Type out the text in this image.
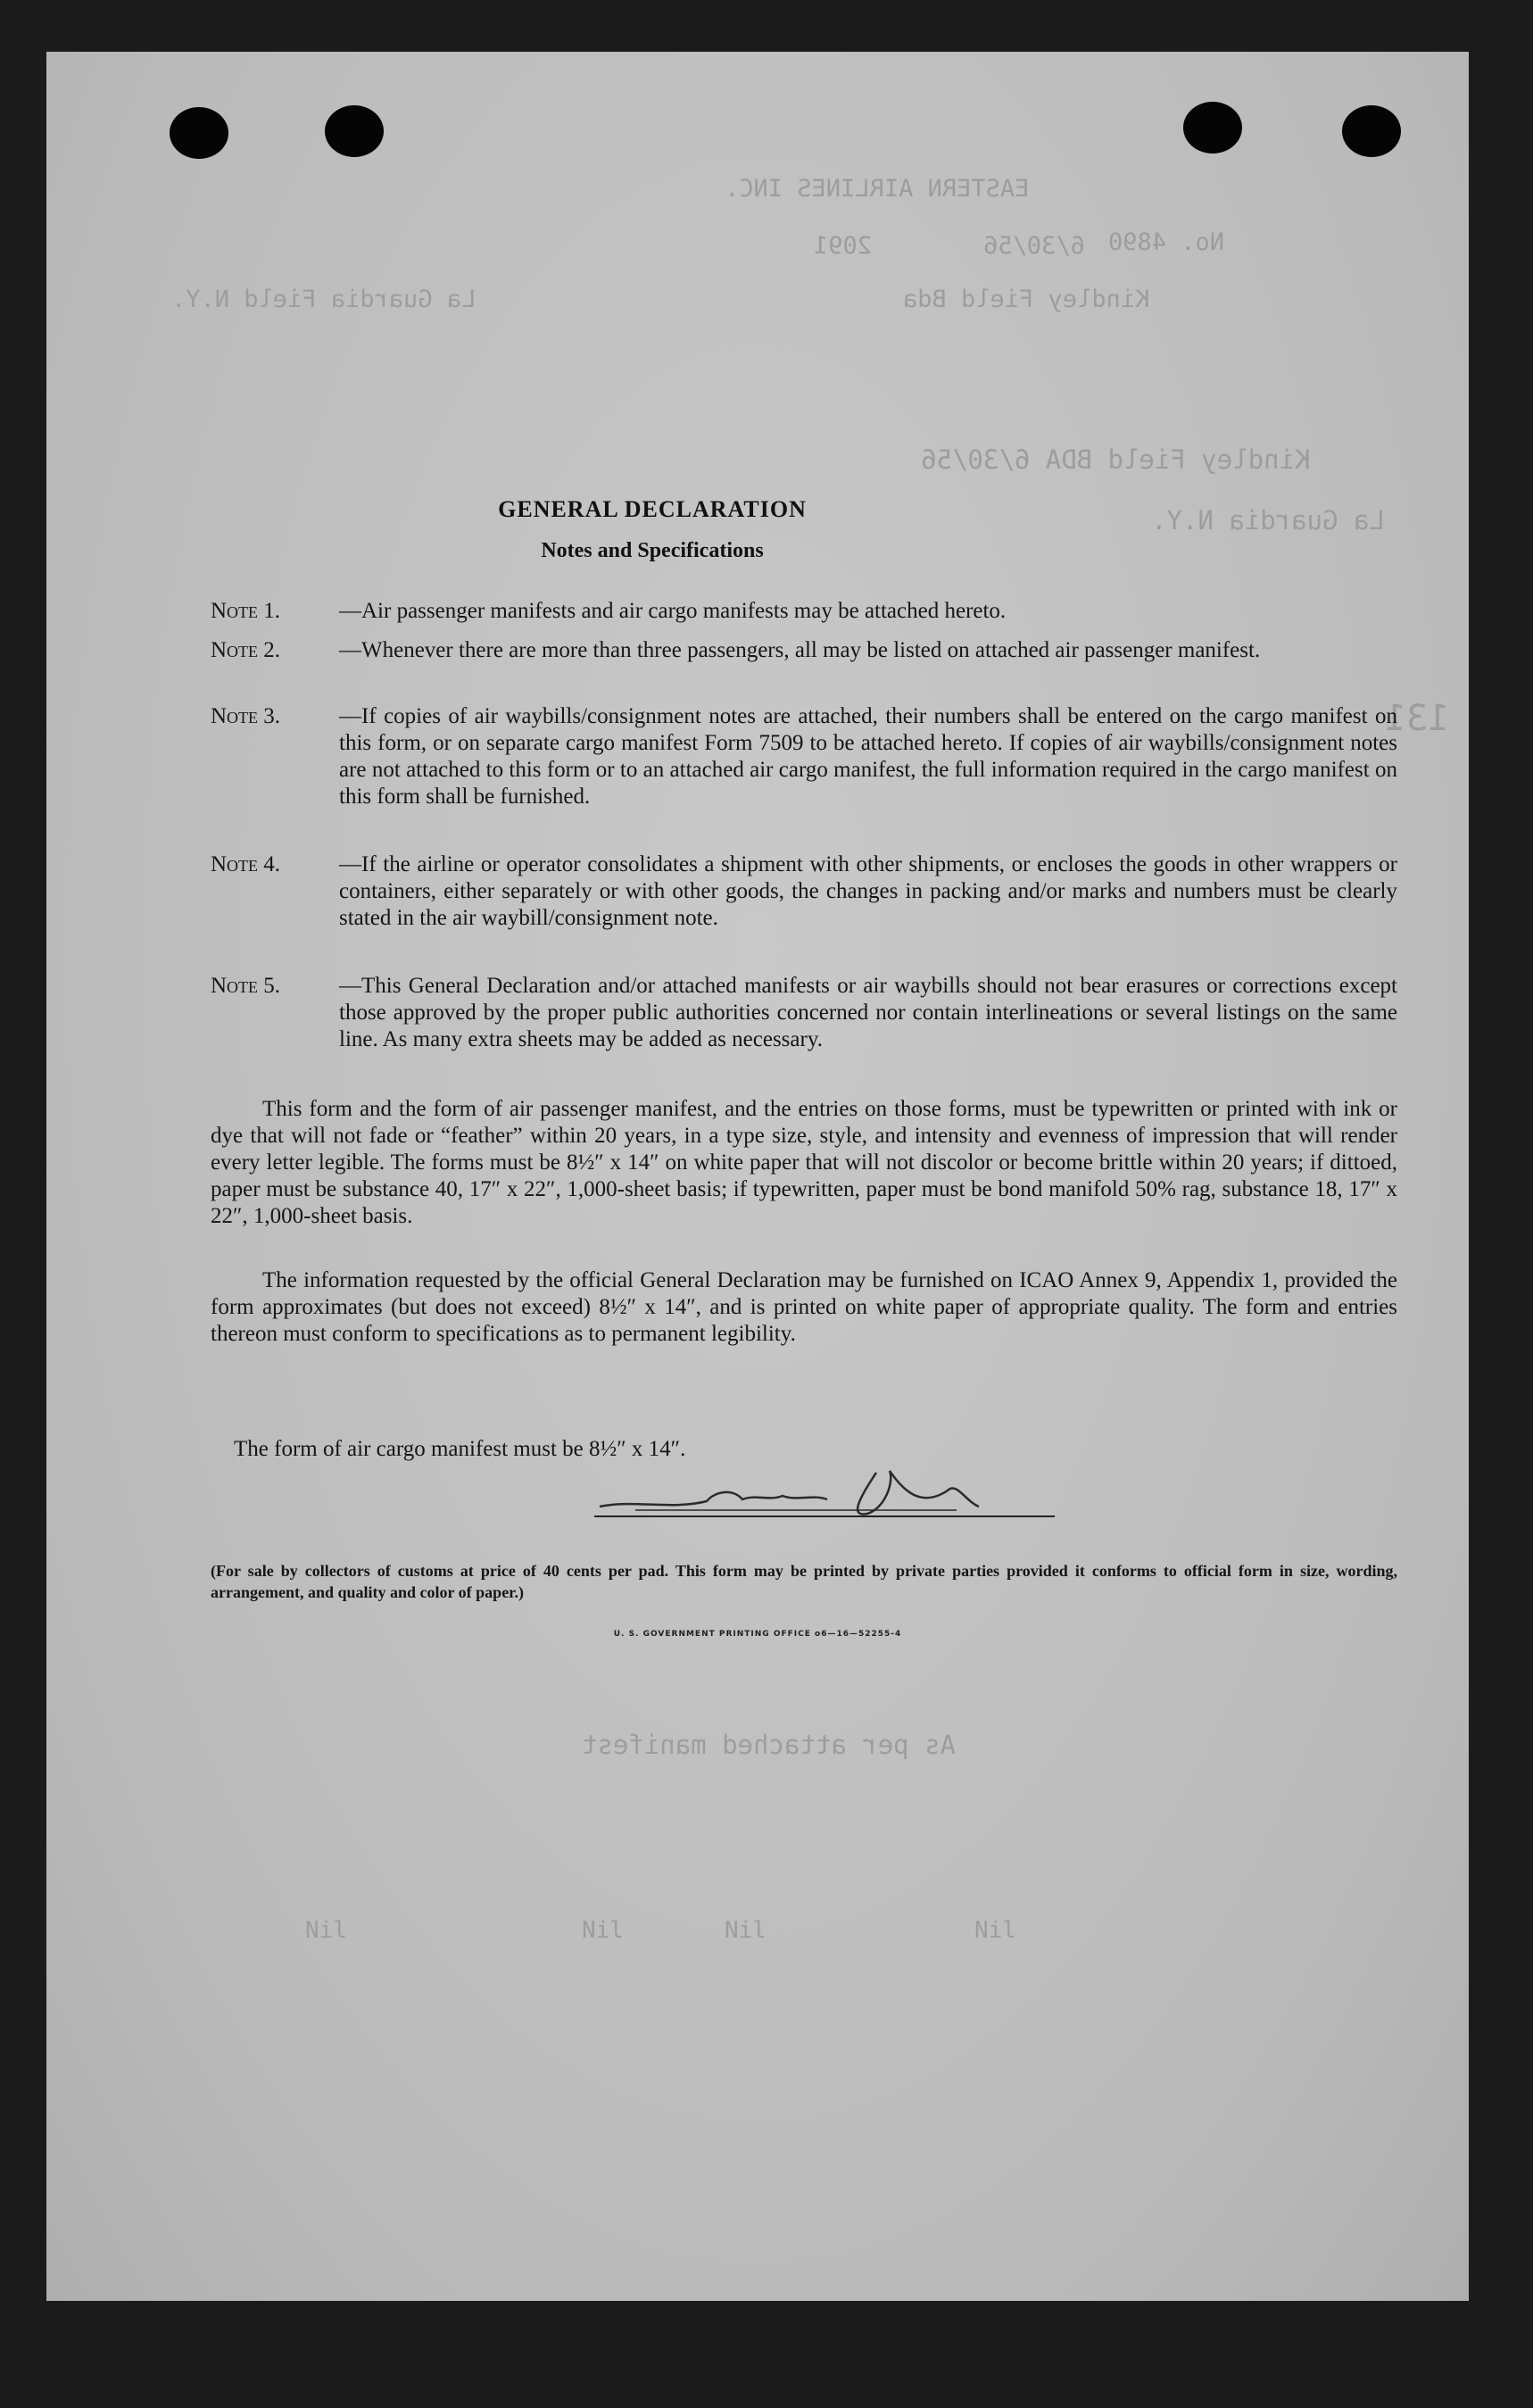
EASTERN AIRLINES INC.
No. 4890
2091	6/30/56
Kindley Field Bda
La Guardia Field N.Y.
Kindley Field BDA 6/30/56
La Guardia N.Y.
As per attached manifest
131
Nil	Nil	Nil	Nil
GENERAL DECLARATION
Notes and Specifications
Note 1.	—Air passenger manifests and air cargo manifests may be attached hereto.
Note 2.	—Whenever there are more than three passengers, all may be listed on attached air passenger manifest.
Note 3.	—If copies of air waybills/consignment notes are attached, their numbers shall be entered on the cargo manifest on this form, or on separate cargo manifest Form 7509 to be attached hereto. If copies of air waybills/consignment notes are not attached to this form or to an attached air cargo manifest, the full information required in the cargo manifest on this form shall be furnished.
Note 4.	—If the airline or operator consolidates a shipment with other shipments, or encloses the goods in other wrappers or containers, either separately or with other goods, the changes in packing and/or marks and numbers must be clearly stated in the air waybill/consignment note.
Note 5.	—This General Declaration and/or attached manifests or air waybills should not bear erasures or corrections except those approved by the proper public authorities concerned nor contain interlineations or several listings on the same line. As many extra sheets may be added as necessary.
This form and the form of air passenger manifest, and the entries on those forms, must be typewritten or printed with ink or dye that will not fade or “feather” within 20 years, in a type size, style, and intensity and evenness of impression that will render every letter legible. The forms must be 8½″ x 14″ on white paper that will not discolor or become brittle within 20 years; if dittoed, paper must be substance 40, 17″ x 22″, 1,000-sheet basis; if typewritten, paper must be bond manifold 50% rag, substance 18, 17″ x 22″, 1,000-sheet basis.
The information requested by the official General Declaration may be furnished on ICAO Annex 9, Appendix 1, provided the form approximates (but does not exceed) 8½″ x 14″, and is printed on white paper of appropriate quality. The form and entries thereon must conform to specifications as to permanent legibility.
The form of air cargo manifest must be 8½″ x 14″.
(For sale by collectors of customs at price of 40 cents per pad. This form may be printed by private parties provided it conforms to official form in size, wording, arrangement, and quality and color of paper.)
U. S. GOVERNMENT PRINTING OFFICE o6—16—52255-4
